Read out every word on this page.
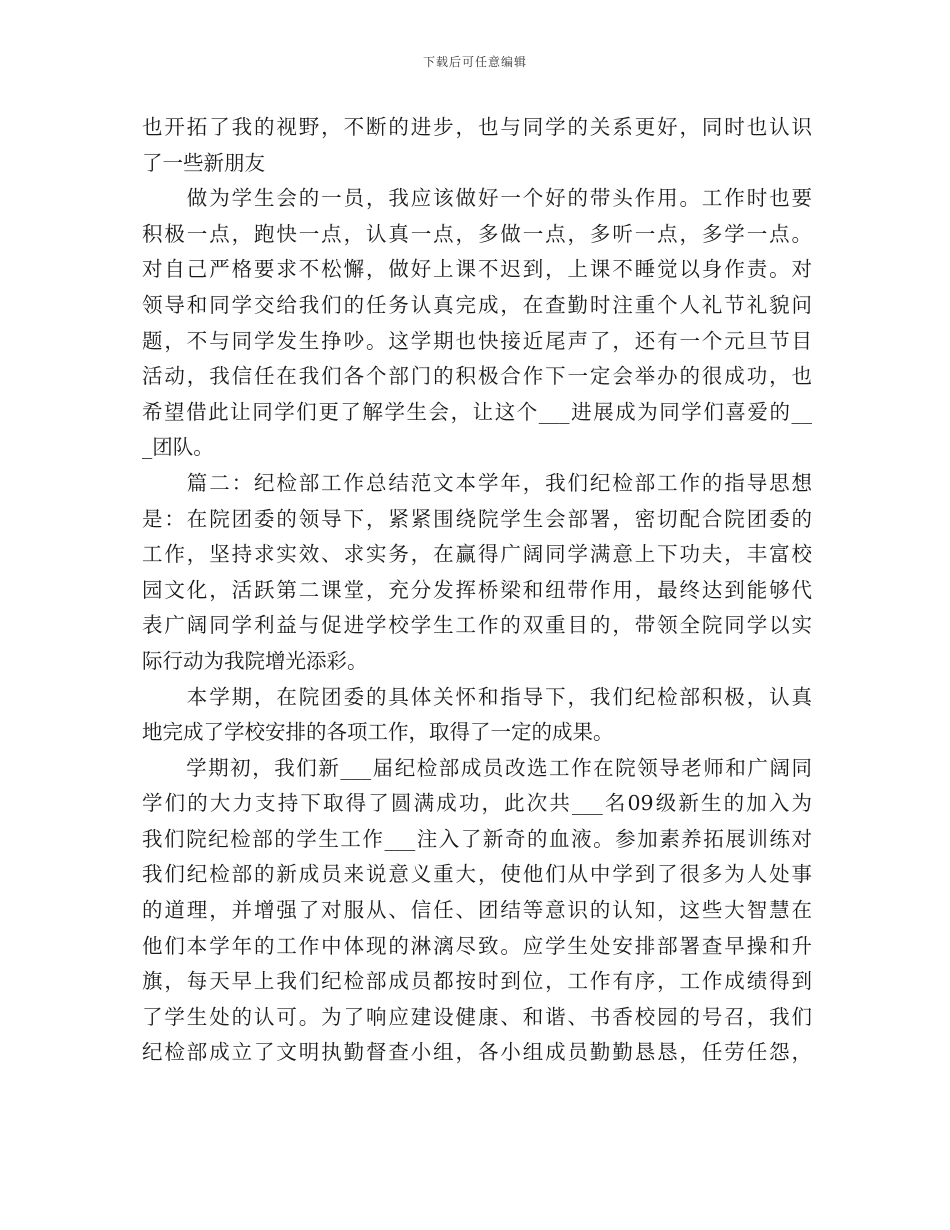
下载后可任意编辑
也开拓了我的视野，不断的进步，也与同学的关系更好，同时也认识
了一些新朋友
　　做为学生会的一员，我应该做好一个好的带头作用。工作时也要
积极一点，跑快一点，认真一点，多做一点，多听一点，多学一点。
对自己严格要求不松懈，做好上课不迟到，上课不睡觉以身作责。对
领导和同学交给我们的任务认真完成，在查勤时注重个人礼节礼貌问
题，不与同学发生挣吵。这学期也快接近尾声了，还有一个元旦节目
活动，我信任在我们各个部门的积极合作下一定会举办的很成功，也
希望借此让同学们更了解学生会，让这个___进展成为同学们喜爱的__
_团队。
　　篇二：纪检部工作总结范文本学年，我们纪检部工作的指导思想
是：在院团委的领导下，紧紧围绕院学生会部署，密切配合院团委的
工作，坚持求实效、求实务，在赢得广阔同学满意上下功夫，丰富校
园文化，活跃第二课堂，充分发挥桥梁和纽带作用，最终达到能够代
表广阔同学利益与促进学校学生工作的双重目的，带领全院同学以实
际行动为我院增光添彩。
　　本学期，在院团委的具体关怀和指导下，我们纪检部积极，认真
地完成了学校安排的各项工作，取得了一定的成果。
　　学期初，我们新___届纪检部成员改选工作在院领导老师和广阔同
学们的大力支持下取得了圆满成功，此次共___名09级新生的加入为
我们院纪检部的学生工作___注入了新奇的血液。参加素养拓展训练对
我们纪检部的新成员来说意义重大，使他们从中学到了很多为人处事
的道理，并增强了对服从、信任、团结等意识的认知，这些大智慧在
他们本学年的工作中体现的淋漓尽致。应学生处安排部署查早操和升
旗，每天早上我们纪检部成员都按时到位，工作有序，工作成绩得到
了学生处的认可。为了响应建设健康、和谐、书香校园的号召，我们
纪检部成立了文明执勤督查小组，各小组成员勤勤恳恳，任劳任怨，
